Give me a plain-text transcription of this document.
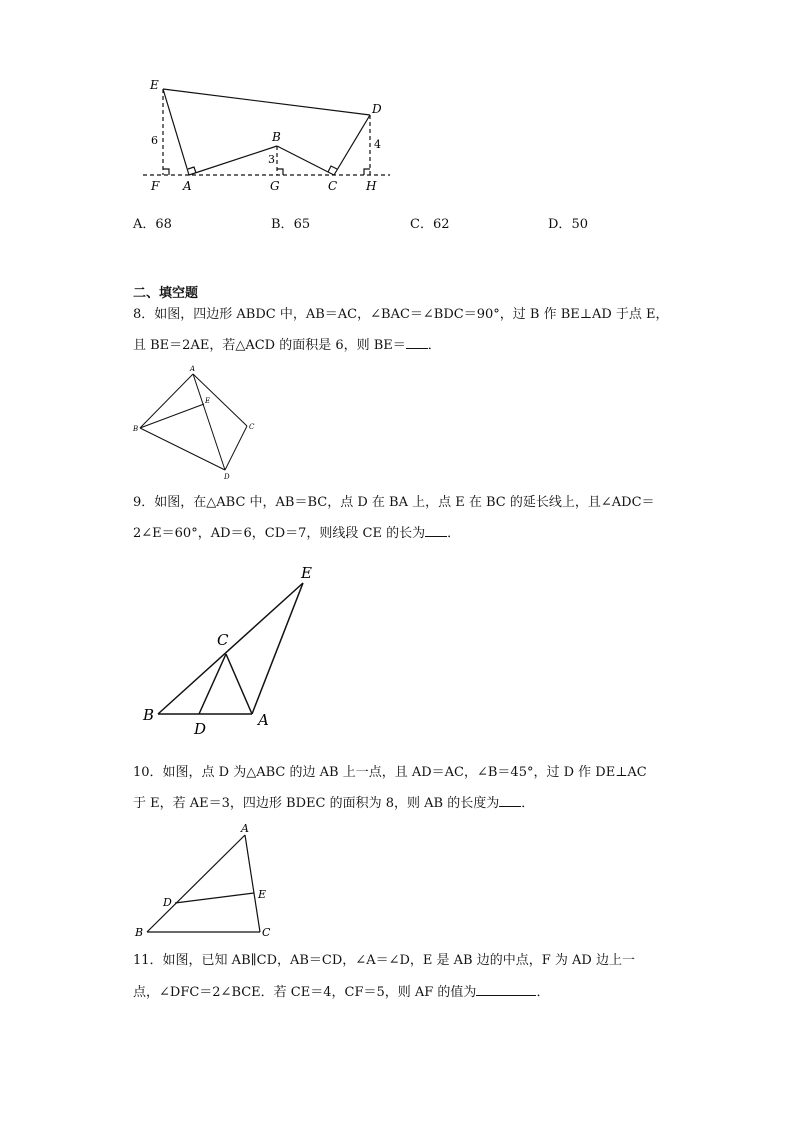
E
D
B
F A	G	C H
6
3
4
A．68	B．65	C．62	D．50
二、填空题
8．如图，四边形 ABDC 中，AB＝AC，∠BAC＝∠BDC＝90°，过 B 作 BE⊥AD 于点 E，
且 BE＝2AE，若△ACD 的面积是 6，则 BE＝ ．
A
E
B	C
D
9．如图，在△ABC 中，AB＝BC，点 D 在 BA 上，点 E 在 BC 的延长线上，且∠ADC＝
2∠E＝60°，AD＝6，CD＝7，则线段 CE 的长为 ．
E
C
B
D	A
10．如图，点 D 为△ABC 的边 AB 上一点，且 AD＝AC，∠B＝45°，过 D 作 DE⊥AC
于 E，若 AE＝3，四边形 BDEC 的面积为 8，则 AB 的长度为 ．
A
D
E
B	C
11．如图，已知 AB∥CD，AB＝CD，∠A＝∠D，E 是 AB 边的中点，F 为 AD 边上一
点，∠DFC＝2∠BCE．若 CE＝4，CF＝5，则 AF 的值为	．
